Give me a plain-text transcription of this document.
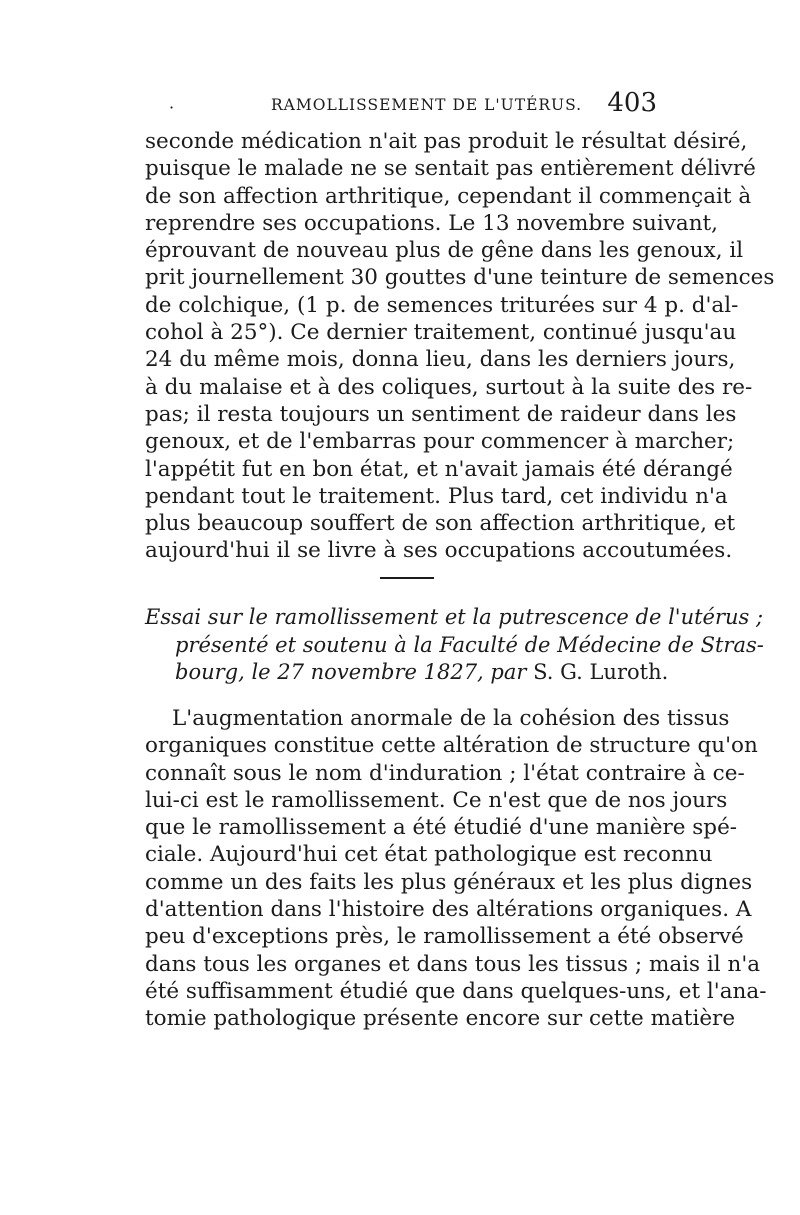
·	RAMOLLISSEMENT DE L'UTÉRUS. 403
seconde médication n'ait pas produit le résultat désiré,
puisque le malade ne se sentait pas entièrement délivré
de son affection arthritique, cependant il commençait à
reprendre ses occupations. Le 13 novembre suivant,
éprouvant de nouveau plus de gêne dans les genoux, il
prit journellement 30 gouttes d'une teinture de semences
de colchique, (1 p. de semences triturées sur 4 p. d'al-
cohol à 25°). Ce dernier traitement, continué jusqu'au
24 du même mois, donna lieu, dans les derniers jours,
à du malaise et à des coliques, surtout à la suite des re-
pas; il resta toujours un sentiment de raideur dans les
genoux, et de l'embarras pour commencer à marcher;
l'appétit fut en bon état, et n'avait jamais été dérangé
pendant tout le traitement. Plus tard, cet individu n'a
plus beaucoup souffert de son affection arthritique, et
aujourd'hui il se livre à ses occupations accoutumées.
Essai sur le ramollissement et la putrescence de l'utérus ;
présenté et soutenu à la Faculté de Médecine de Stras-
bourg, le 27 novembre 1827, par S. G. Luroth.
L'augmentation anormale de la cohésion des tissus
organiques constitue cette altération de structure qu'on
connaît sous le nom d'induration ; l'état contraire à ce-
lui-ci est le ramollissement. Ce n'est que de nos jours
que le ramollissement a été étudié d'une manière spé-
ciale. Aujourd'hui cet état pathologique est reconnu
comme un des faits les plus généraux et les plus dignes
d'attention dans l'histoire des altérations organiques. A
peu d'exceptions près, le ramollissement a été observé
dans tous les organes et dans tous les tissus ; mais il n'a
été suffisamment étudié que dans quelques-uns, et l'ana-
tomie pathologique présente encore sur cette matière
